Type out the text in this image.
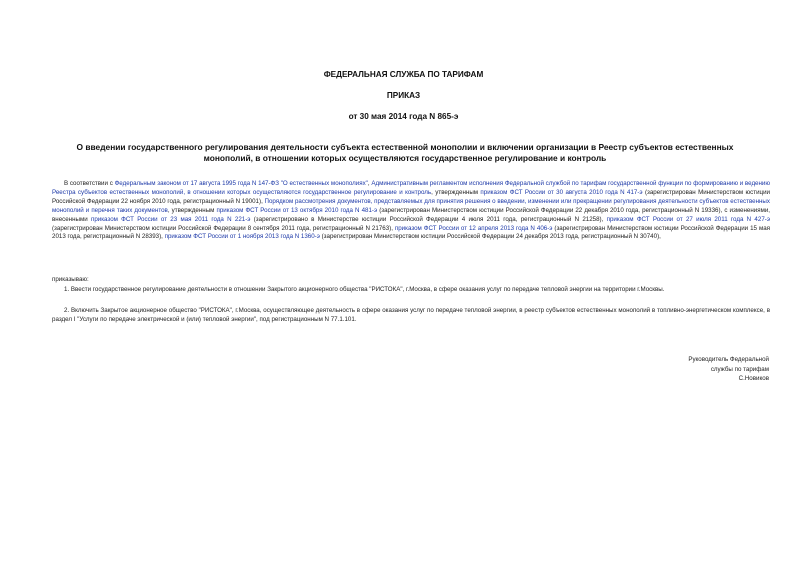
ФЕДЕРАЛЬНАЯ СЛУЖБА ПО ТАРИФАМ
ПРИКАЗ
от 30 мая 2014 года N 865-э
О введении государственного регулирования деятельности субъекта естественной монополии и включении организации в Реестр субъектов естественных монополий, в отношении которых осуществляются государственное регулирование и контроль
В соответствии с Федеральным законом от 17 августа 1995 года N 147-ФЗ "О естественных монополиях", Административным регламентом исполнения Федеральной службой по тарифам государственной функции по формированию и ведению Реестра субъектов естественных монополий, в отношении которых осуществляются государственное регулирование и контроль, утвержденным приказом ФСТ России от 30 августа 2010 года N 417-э (зарегистрирован Министерством юстиции Российской Федерации 22 ноября 2010 года, регистрационный N 19001), Порядком рассмотрения документов, представляемых для принятия решения о введении, изменении или прекращении регулирования деятельности субъектов естественных монополий и перечня таких документов, утвержденным приказом ФСТ России от 13 октября 2010 года N 481-э (зарегистрирован Министерством юстиции Российской Федерации 22 декабря 2010 года, регистрационный N 19336), с изменениями, внесенными приказом ФСТ России от 23 мая 2011 года N 221-э (зарегистрировано в Министерстве юстиции Российской Федерации 4 июля 2011 года, регистрационный N 21258), приказом ФСТ России от 27 июля 2011 года N 427-э (зарегистрирован Министерством юстиции Российской Федерации 8 сентября 2011 года, регистрационный N 21763), приказом ФСТ России от 12 апреля 2013 года N 406-э (зарегистрирован Министерством юстиции Российской Федерации 15 мая 2013 года, регистрационный N 28393), приказом ФСТ России от 1 ноября 2013 года N 1360-э (зарегистрирован Министерством юстиции Российской Федерации 24 декабря 2013 года, регистрационный N 30740),
приказываю:
1. Ввести государственное регулирование деятельности в отношении Закрытого акционерного общества "РИСТОКА", г.Москва, в сфере оказания услуг по передаче тепловой энергии на территории г.Москвы.
2. Включить Закрытое акционерное общество "РИСТОКА", г.Москва, осуществляющее деятельность в сфере оказания услуг по передаче тепловой энергии, в реестр субъектов естественных монополий в топливно-энергетическом комплексе, в раздел I "Услуги по передаче электрической и (или) тепловой энергии", под регистрационным N 77.1.101.
Руководитель Федеральной
службы по тарифам
С.Новиков
